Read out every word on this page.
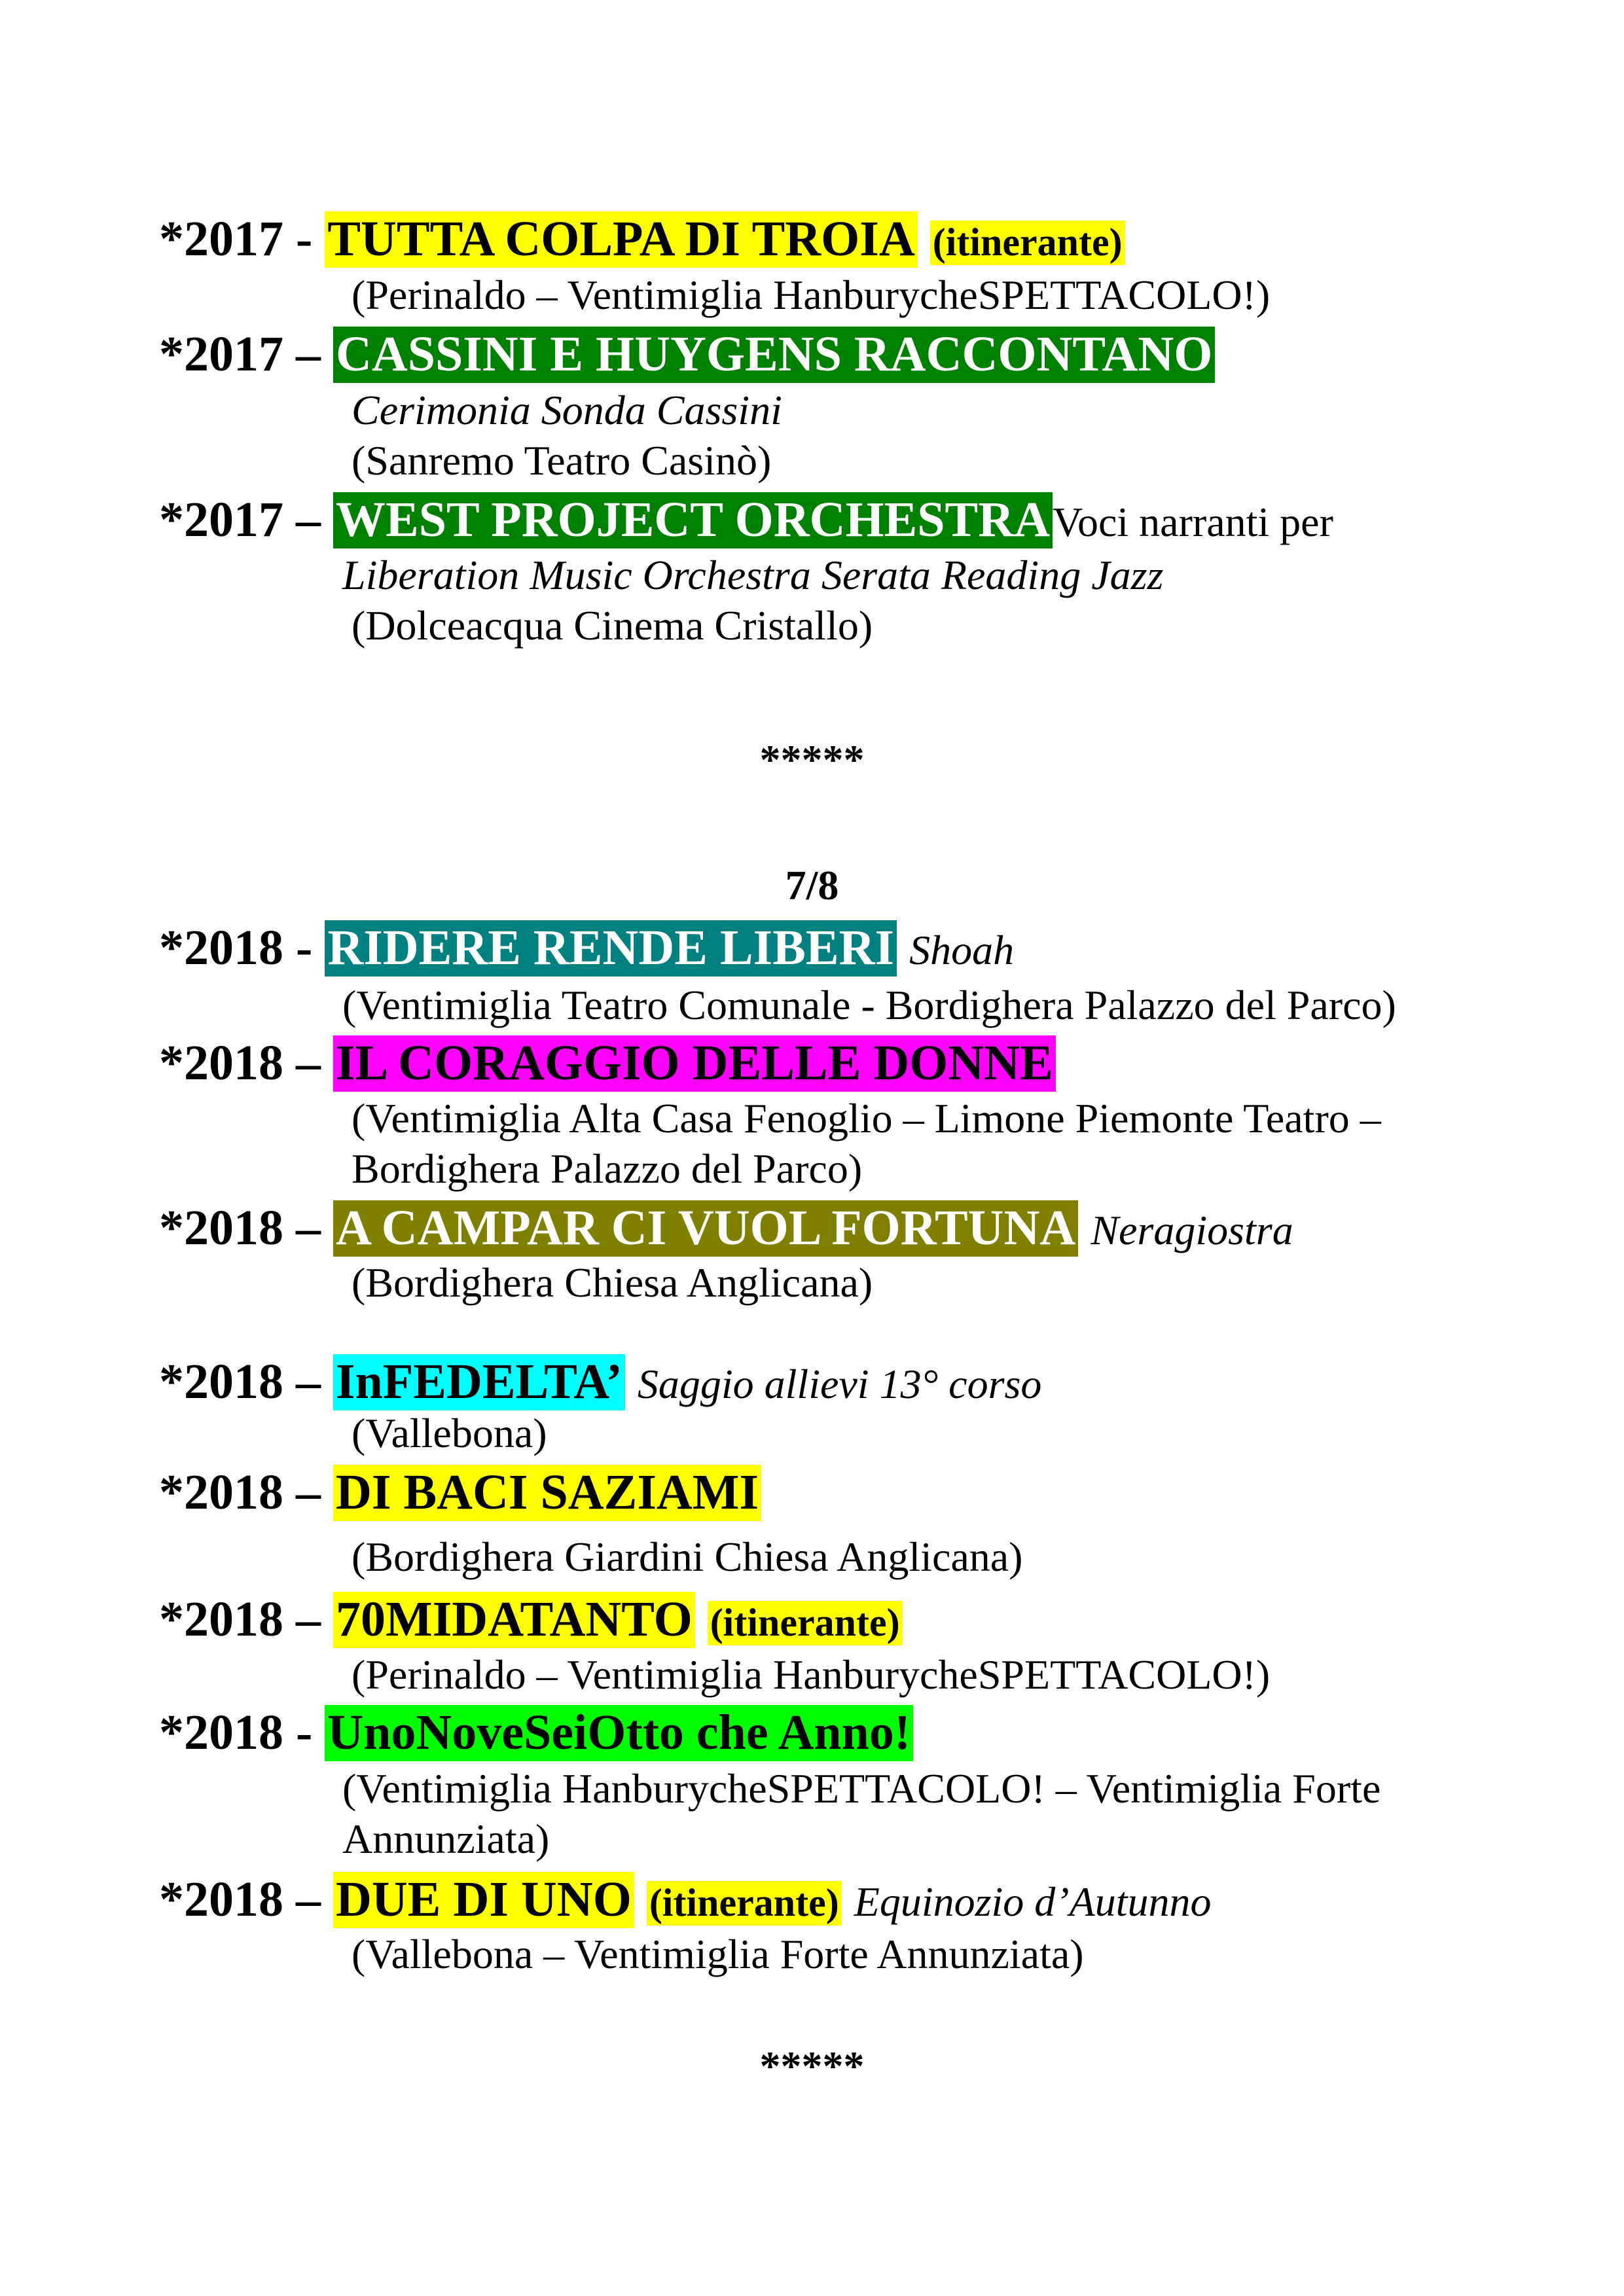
*2017 - TUTTA COLPA DI TROIA (itinerante)
(Perinaldo – Ventimiglia HanburycheSPETTACOLO!)
*2017 – CASSINI E HUYGENS RACCONTANO
Cerimonia Sonda Cassini
(Sanremo Teatro Casinò)
*2017 – WEST PROJECT ORCHESTRAVoci narranti per
Liberation Music Orchestra Serata Reading Jazz
(Dolceacqua Cinema Cristallo)
*****
7/8
*2018 - RIDERE RENDE LIBERI Shoah
(Ventimiglia Teatro Comunale - Bordighera Palazzo del Parco)
*2018 – IL CORAGGIO DELLE DONNE
(Ventimiglia Alta Casa Fenoglio – Limone Piemonte Teatro –
Bordighera Palazzo del Parco)
*2018 – A CAMPAR CI VUOL FORTUNA Neragiostra
(Bordighera Chiesa Anglicana)
*2018 – InFEDELTA’ Saggio allievi 13° corso
(Vallebona)
*2018 – DI BACI SAZIAMI
(Bordighera Giardini Chiesa Anglicana)
*2018 – 70MIDATANTO (itinerante)
(Perinaldo – Ventimiglia HanburycheSPETTACOLO!)
*2018 - UnoNoveSeiOtto che Anno!
(Ventimiglia HanburycheSPETTACOLO! – Ventimiglia Forte
Annunziata)
*2018 – DUE DI UNO (itinerante) Equinozio d’Autunno
(Vallebona – Ventimiglia Forte Annunziata)
*****
